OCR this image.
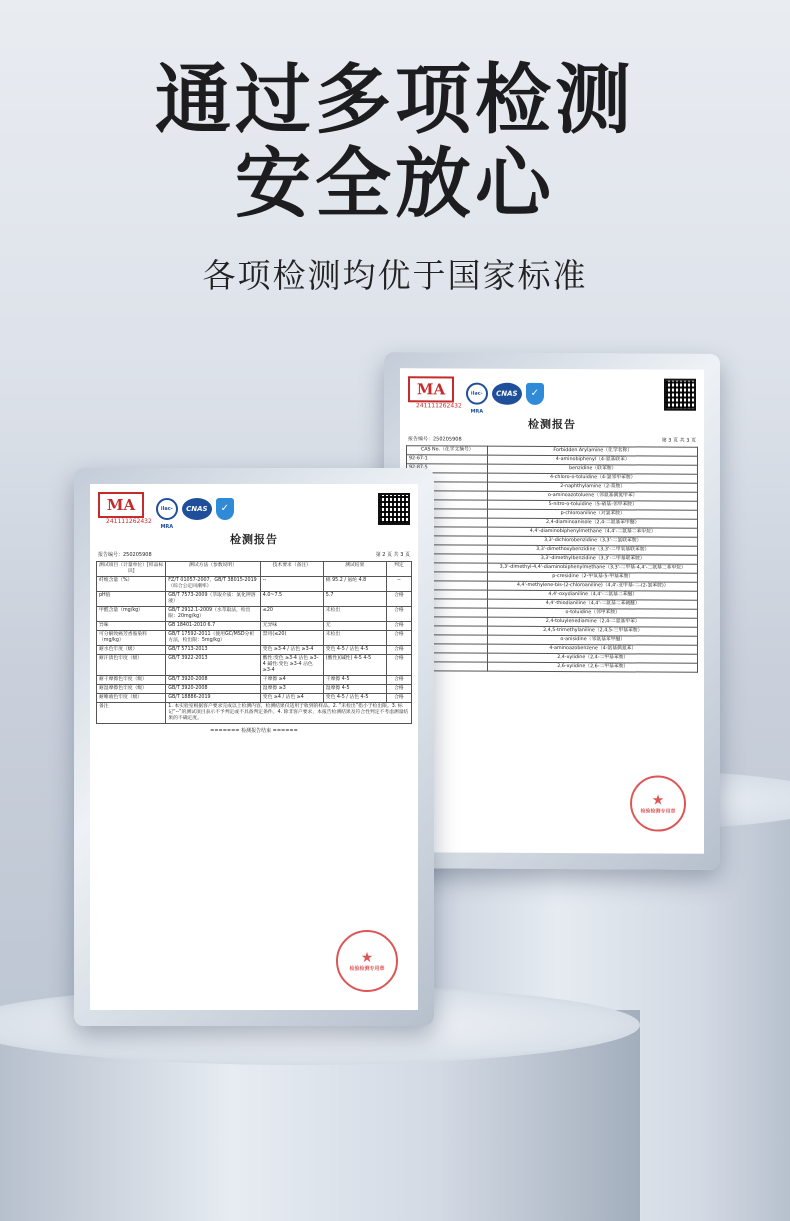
通过多项检测
安全放心
各项检测均优于国家标准
MA
241111262432
ilac-MRA
CNAS	✓
检测报告
报告编号：250205908	第 3 页 共 3 页
CAS No.（化学文摘号）	Forbidden Arylamine（化学名称）
92-67-1	4-aminobiphenyl（4-氨基联苯）
	benzidine（联苯胺）
	4-chloro-o-toluidine（4-氯邻甲苯胺）
	2-naphthylamine（2-萘胺）
	o-aminoazotoluene（邻氨基偶氮甲苯）
	5-nitro-o-toluidine（5-硝基-邻甲苯胺）
	p-chloroaniline（对氯苯胺）
	2,4-diaminoanisole（2,4-二氨基苯甲醚）
	4,4'-diaminobiphenylmethane（4,4'-二氨基二苯甲烷）
	3,3'-dichlorobenzidine（3,3'-二氯联苯胺）
	3,3'-dimethoxybenzidine（3,3'-二甲氧基联苯胺）
	3,3'-dimethylbenzidine（3,3'-二甲基联苯胺）
	3,3'-dimethyl-4,4'-diaminobiphenylmethane（3,3'-二甲基-4,4'-二氨基二苯甲烷）
	p-cresidine（2-甲氧基-5-甲基苯胺）
	4,4'-methylene-bis-(2-chloroaniline)（4,4'-亚甲基-二-(2-氯苯胺)）
	4,4'-oxydianiline（4,4'-二氨基二苯醚）
	4,4'-thiodianiline（4,4'-二氨基二苯硫醚）
	o-toluidine（邻甲苯胺）
	2,4-toluylenediamine（2,4-二氨基甲苯）
	2,4,5-trimethylaniline（2,4,5-三甲基苯胺）
	o-anisidine（邻氨基苯甲醚）
	4-aminoazobenzene（4-氨基偶氮苯）
	2,4-xylidine（2,4-二甲基苯胺）
	2,6-xylidine（2,6-二甲基苯胺）
★
检验检测专用章
MA
241111262432
ilac-MRA
CNAS	✓
检测报告
报告编号：250205908	第 2 页 共 3 页
测试项目（计量单位）[样品标识]	测试方法（参数说明）	技术要求（备注）	测试结果	判定
纤维含量（%）	FZ/T 01057-2007、GB/T 38015-2019（综合公定回潮率）	--	棉 95.2 / 氨纶 4.8	--
pH值	GB/T 7573-2009（萃取介质：氯化钾溶液）	4.0~7.5	5.7	合格
甲醛含量（mg/kg）	GB/T 2912.1-2009（水萃取法，检出限：20mg/kg）	≤20	未检出	合格
异味	GB 18401-2010 6.7	无异味	无	合格
可分解致癌芳香胺染料（mg/kg）	GB/T 17592-2011（使用GC/MSD分析方法，检出限：5mg/kg）	禁用(≤20)	未检出	合格
耐水色牢度（级）	GB/T 5713-2013	变色 ≥3-4 / 沾色 ≥3-4	变色 4-5 / 沾色 4-5	合格
耐汗渍色牢度（级）	GB/T 3922-2013	酸性:变色 ≥3-4 沾色 ≥3-4 碱性:变色 ≥3-4 沾色 ≥3-4	(酸性)(碱性) 4-5 4-5	合格
耐干摩擦色牢度（级）	GB/T 3920-2008	干摩擦 ≥4	干摩擦 4-5	合格
耐湿摩擦色牢度（级）	GB/T 3920-2008	湿摩擦 ≥3	湿摩擦 4-5	合格
耐唾液色牢度（级）	GB/T 18886-2019	变色 ≥4 / 沾色 ≥4	变色 4-5 / 沾色 4-5	合格
备注	1. 本实验室根据客户要求完成以上检测内容，检测结果仅适用于收到的样品。2. “未检出”指小于检出限。3. 标记“--”的测试项目表示不予判定或不具备判定条件。4. 除非客户要求，本报告检测结果及符合性判定不考虑测量结果的不确定度。			
======= 检测报告结束 ======
★
检验检测专用章
